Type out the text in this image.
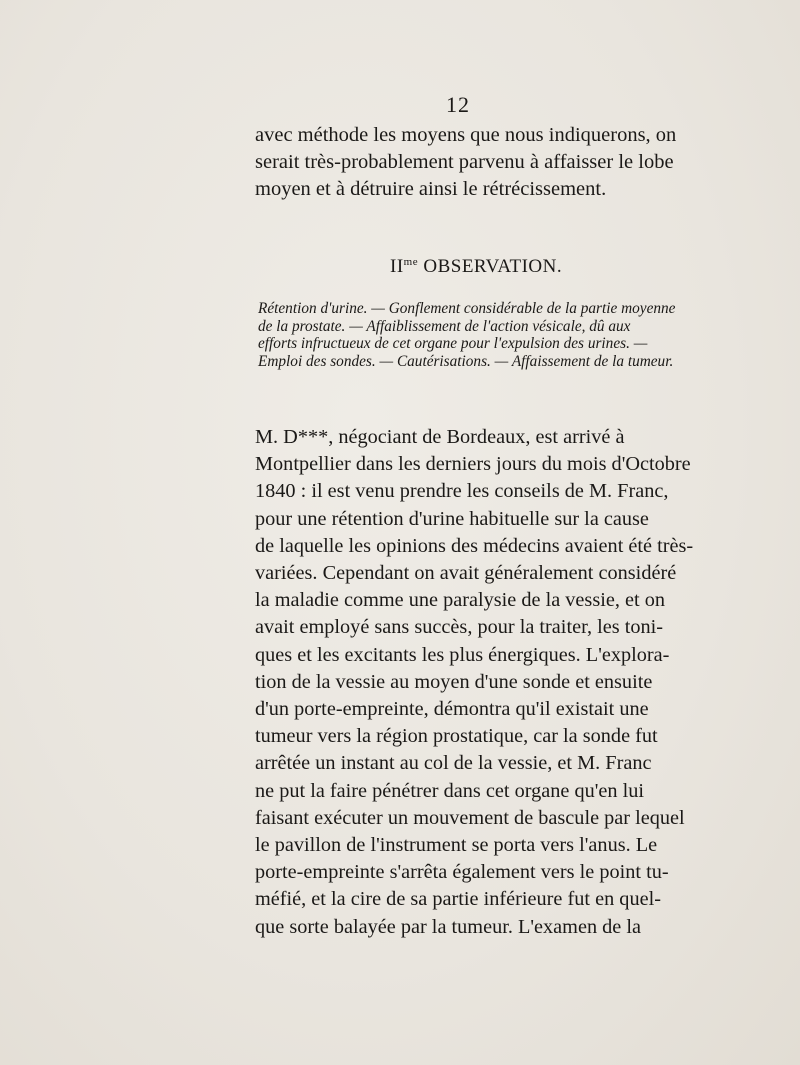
12
avec méthode les moyens que nous indiquerons, on
serait très-probablement parvenu à affaisser le lobe
moyen et à détruire ainsi le rétrécissement.
$II^{me}$ OBSERVATION.
Rétention d'urine. — Gonflement considérable de la partie moyenne
de la prostate. — Affaiblissement de l'action vésicale, dû aux
efforts infructueux de cet organe pour l'expulsion des urines. —
Emploi des sondes. — Cautérisations. — Affaissement de la tumeur.
M. D***, négociant de Bordeaux, est arrivé à
Montpellier dans les derniers jours du mois d'Octobre
1840 : il est venu prendre les conseils de M. Franc,
pour une rétention d'urine habituelle sur la cause
de laquelle les opinions des médecins avaient été très-
variées. Cependant on avait généralement considéré
la maladie comme une paralysie de la vessie, et on
avait employé sans succès, pour la traiter, les toni-
ques et les excitants les plus énergiques. L'explora-
tion de la vessie au moyen d'une sonde et ensuite
d'un porte-empreinte, démontra qu'il existait une
tumeur vers la région prostatique, car la sonde fut
arrêtée un instant au col de la vessie, et M. Franc
ne put la faire pénétrer dans cet organe qu'en lui
faisant exécuter un mouvement de bascule par lequel
le pavillon de l'instrument se porta vers l'anus. Le
porte-empreinte s'arrêta également vers le point tu-
méfié, et la cire de sa partie inférieure fut en quel-
que sorte balayée par la tumeur. L'examen de la
